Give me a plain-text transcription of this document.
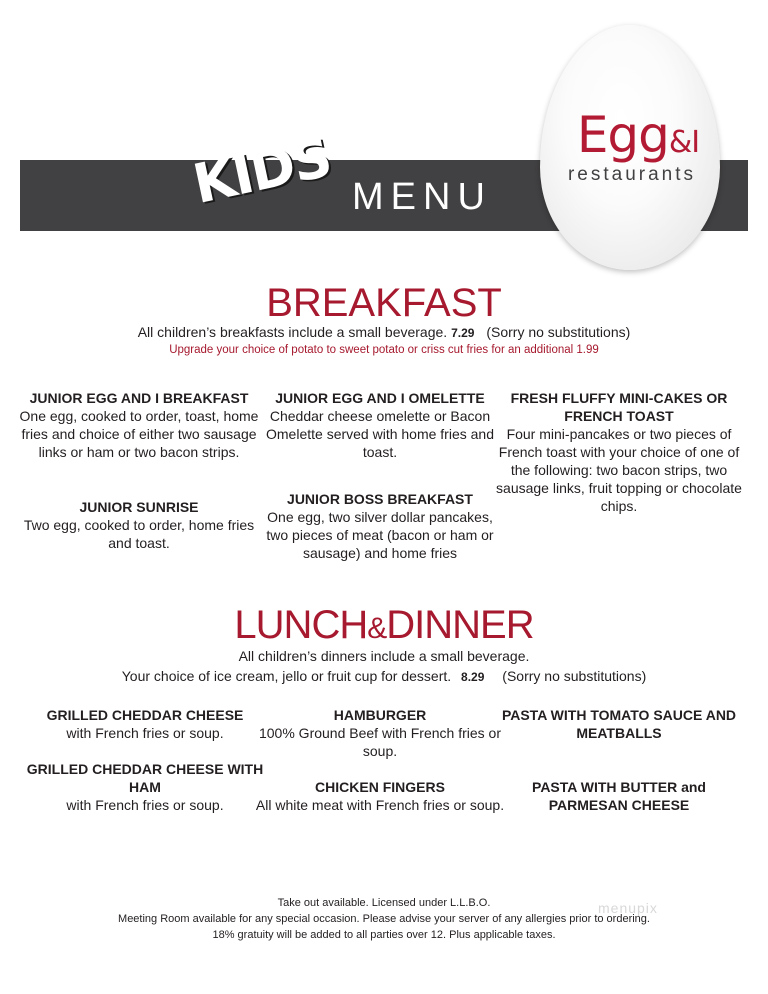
KIDS MENU
Egg&I
restaurants
BREAKFAST
All children’s breakfasts include a small beverage. 7.29 (Sorry no substitutions)
Upgrade your choice of potato to sweet potato or criss cut fries for an additional 1.99
JUNIOR EGG AND I BREAKFAST
One egg, cooked to order, toast, home fries and choice of either two sausage links or ham or two bacon strips.
JUNIOR SUNRISE
Two egg, cooked to order, home fries and toast.
JUNIOR EGG AND I OMELETTE
Cheddar cheese omelette or Bacon Omelette served with home fries and toast.
JUNIOR BOSS BREAKFAST
One egg, two silver dollar pancakes, two pieces of meat (bacon or ham or sausage) and home fries
FRESH FLUFFY MINI-CAKES OR FRENCH TOAST
Four mini-pancakes or two pieces of French toast with your choice of one of the following: two bacon strips, two sausage links, fruit topping or chocolate chips.
LUNCH&DINNER
All children’s dinners include a small beverage.
Your choice of ice cream, jello or fruit cup for dessert. 8.29 (Sorry no substitutions)
GRILLED CHEDDAR CHEESE
with French fries or soup.
GRILLED CHEDDAR CHEESE WITH HAM
with French fries or soup.
HAMBURGER
100% Ground Beef with French fries or soup.
CHICKEN FINGERS
All white meat with French fries or soup.
PASTA WITH TOMATO SAUCE AND MEATBALLS
PASTA WITH BUTTER and PARMESAN CHEESE
Take out available. Licensed under L.L.B.O.
Meeting Room available for any special occasion. Please advise your server of any allergies prior to ordering.
18% gratuity will be added to all parties over 12. Plus applicable taxes.
menupix
